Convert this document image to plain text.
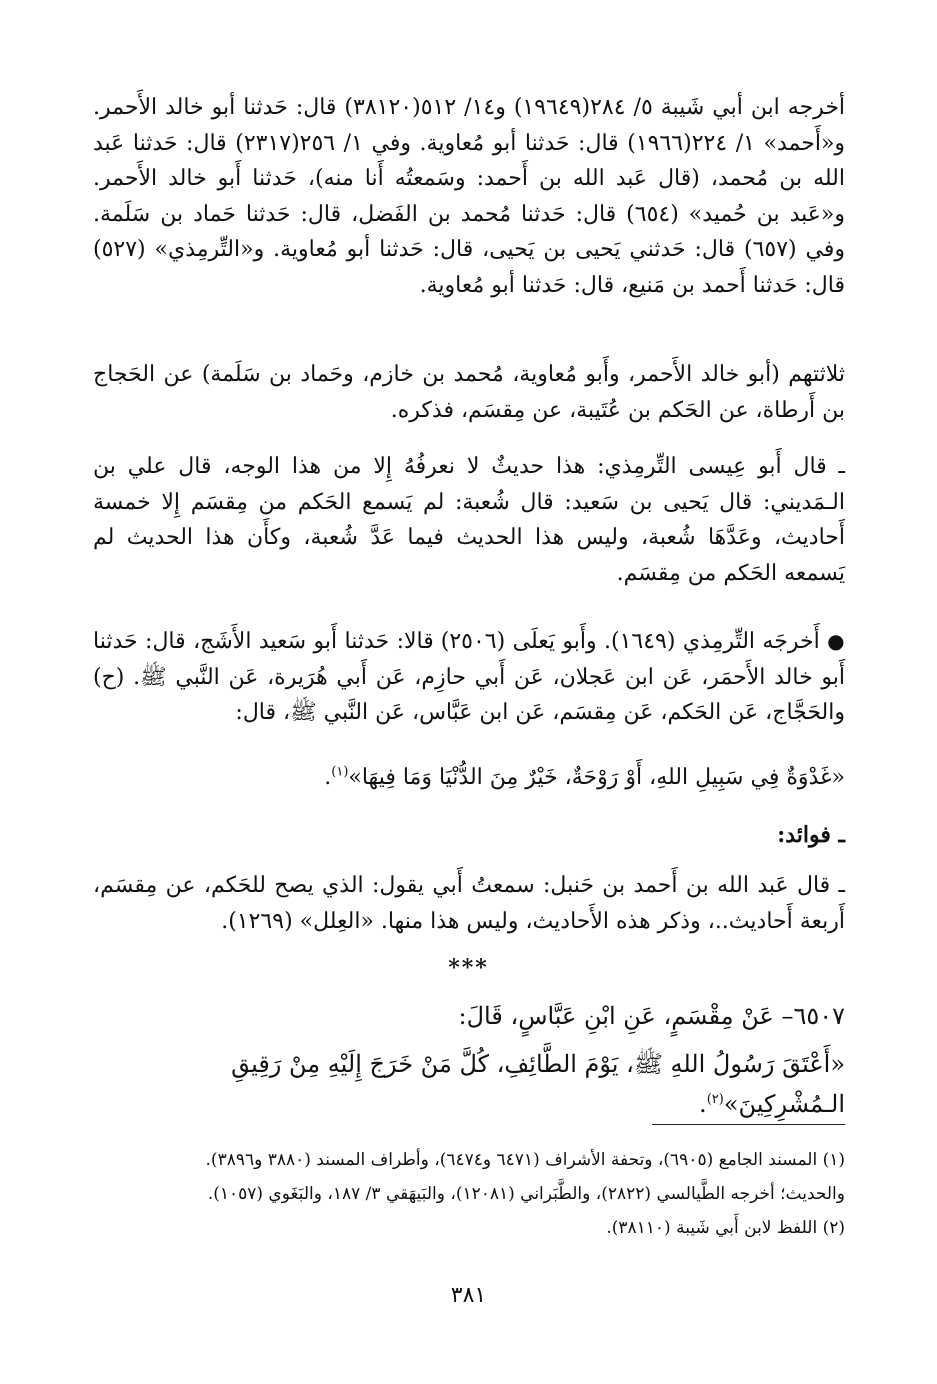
أخرجه ابن أبي شَيبة ٥/ ٢٨٤(١٩٦٤٩) و١٤/ ٥١٢(٣٨١٢٠) قال: حَدثنا أبو خالد الأَحمر. و«أَحمد» ١/ ٢٢٤(١٩٦٦) قال: حَدثنا أبو مُعاوية. وفي ١/ ٢٥٦(٢٣١٧) قال: حَدثنا عَبد الله بن مُحمد، (قال عَبد الله بن أَحمد: وسَمعتُه أَنا منه)، حَدثنا أَبو خالد الأَحمر. و«عَبد بن حُميد» (٦٥٤) قال: حَدثنا مُحمد بن الفَضل، قال: حَدثنا حَماد بن سَلَمة. وفي (٦٥٧) قال: حَدثني يَحيى بن يَحيى، قال: حَدثنا أبو مُعاوية. و«التِّرمِذي» (٥٢٧) قال: حَدثنا أَحمد بن مَنيع، قال: حَدثنا أبو مُعاوية.

ثلاثتهم (أبو خالد الأَحمر، وأَبو مُعاوية، مُحمد بن خازم، وحَماد بن سَلَمة) عن الحَجاج بن أَرطاة، عن الحَكم بن عُتَيبة، عن مِقسَم، فذكره.

ـ قال أَبو عِيسى التِّرمِذي: هذا حديثٌ لا نعرفُهُ إِلا من هذا الوجه، قال علي بن الـمَديني: قال يَحيى بن سَعيد: قال شُعبة: لم يَسمع الحَكم من مِقسَم إِلا خمسة أَحاديث، وعَدَّهَا شُعبة، وليس هذا الحديث فيما عَدَّ شُعبة، وكأَن هذا الحديث لم يَسمعه الحَكم من مِقسَم.

● أَخرجَه التِّرمِذي (١٦٤٩). وأَبو يَعلَى (٢٥٠٦) قالا: حَدثنا أَبو سَعيد الأَشَج، قال: حَدثنا أَبو خالد الأَحمَر، عَن ابن عَجلان، عَن أَبي حازِم، عَن أَبي هُرَيرة، عَن النَّبي ﷺ. (ح) والحَجَّاج، عَن الحَكم، عَن مِقسَم، عَن ابن عَبَّاس، عَن النَّبي ﷺ، قال:

«غَدْوَةٌ فِي سَبِيلِ اللهِ، أَوْ رَوْحَةٌ، خَيْرٌ مِنَ الدُّنْيَا وَمَا فِيهَا»$^{(١)}$.

ـ فوائد:

ـ قال عَبد الله بن أَحمد بن حَنبل: سمعتُ أَبي يقول: الذي يصح للحَكم، عن مِقسَم، أَربعة أَحاديث..، وذكر هذه الأَحاديث، وليس هذا منها. «العِلل» (١٢٦٩).

***

٦٥٠٧– عَنْ مِقْسَمٍ، عَنِ ابْنِ عَبَّاسٍ، قَالَ:

«أَعْتَقَ رَسُولُ اللهِ ﷺ، يَوْمَ الطَّائِفِ، كُلَّ مَنْ خَرَجَ إِلَيْهِ مِنْ رَقِيقِ الـمُشْرِكِينَ»$^{(٢)}$.

(١) المسند الجامع (٦٩٠٥)، وتحفة الأشراف (٦٤٧١ و٦٤٧٤)، وأطراف المسند (٣٨٨٠ و٣٨٩٦).
والحديث؛ أخرجه الطَّيالسي (٢٨٢٢)، والطَّبَراني (١٢٠٨١)، والبَيهَقي ٣/ ١٨٧، والبَغَوي (١٠٥٧).
(٢) اللفظ لابن أَبي شَيبة (٣٨١١٠).
٣٨١
